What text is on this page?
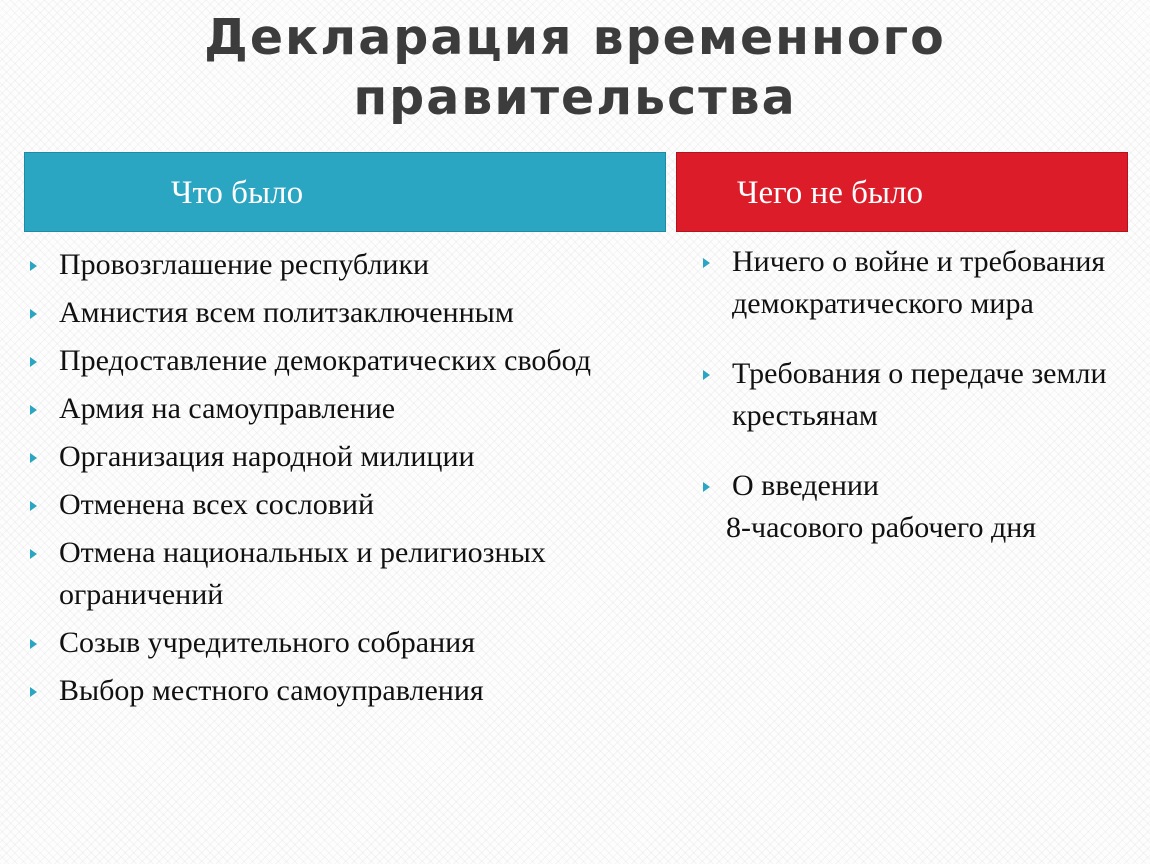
Декларация временного
правительства
Что было	Чего не было
Провозглашение республики
Амнистия всем политзаключенным
Предоставление демократических свобод
Армия на самоуправление
Организация народной милиции
Отменена всех сословий
Отмена национальных и религиозных ограничений
Созыв учредительного собрания
Выбор местного самоуправления
Ничего о войне и требования демократического мира
Требования о передаче земли крестьянам
О введении
8-часового рабочего дня
